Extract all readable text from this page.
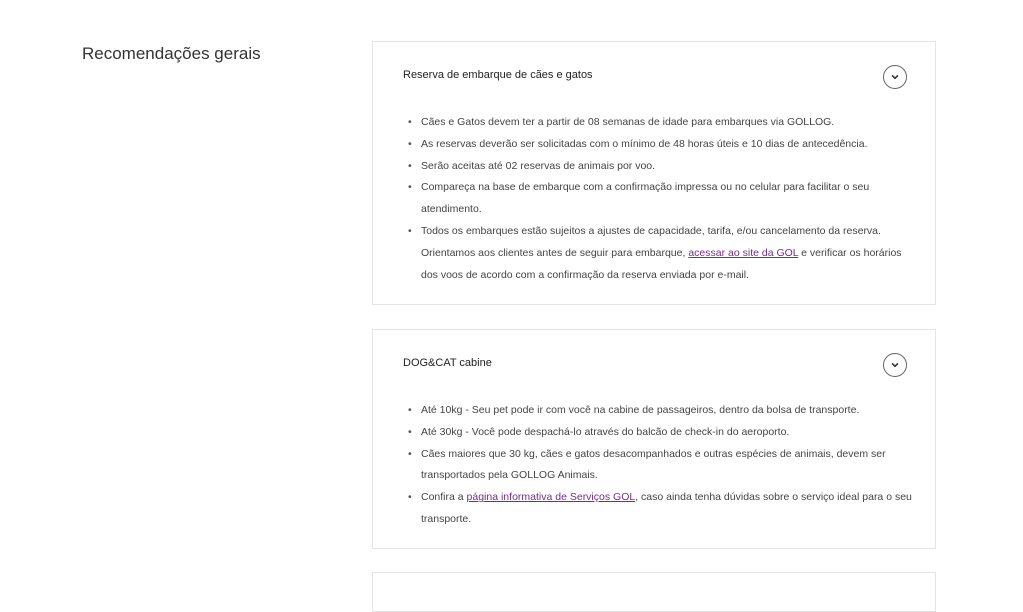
Recomendações gerais
Reserva de embarque de cães e gatos
• Cães e Gatos devem ter a partir de 08 semanas de idade para embarques via GOLLOG.
• As reservas deverão ser solicitadas com o mínimo de 48 horas úteis e 10 dias de antecedência.
• Serão aceitas até 02 reservas de animais por voo.
• Compareça na base de embarque com a confirmação impressa ou no celular para facilitar o seu atendimento.
• Todos os embarques estão sujeitos a ajustes de capacidade, tarifa, e/ou cancelamento da reserva. Orientamos aos clientes antes de seguir para embarque, acessar ao site da GOL e verificar os horários dos voos de acordo com a confirmação da reserva enviada por e-mail.
DOG&CAT cabine
• Até 10kg - Seu pet pode ir com você na cabine de passageiros, dentro da bolsa de transporte.
• Até 30kg - Você pode despachá-lo através do balcão de check-in do aeroporto.
• Cães maiores que 30 kg, cães e gatos desacompanhados e outras espécies de animais, devem ser transportados pela GOLLOG Animais.
• Confira a página informativa de Serviços GOL, caso ainda tenha dúvidas sobre o serviço ideal para o seu transporte.
